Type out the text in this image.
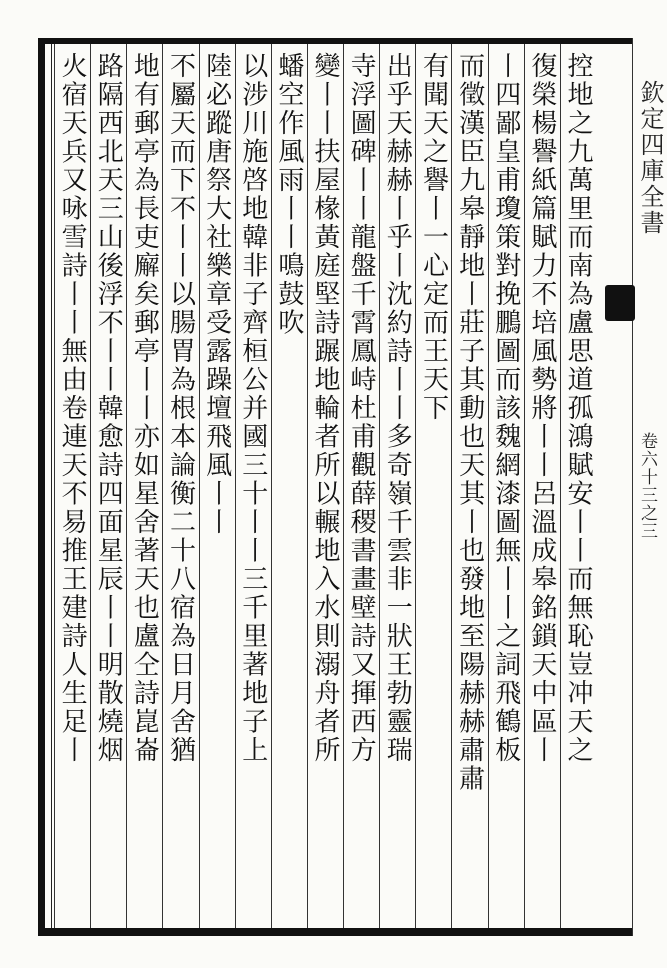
欽定四庫全書
卷六十三之三
控地之九萬里而南為盧思道孤鴻賦安丨丨而無恥豈冲天之
復榮楊譽紙篇賦力不培風勢將丨丨呂溫成皋銘鎖天中區丨
丨四鄙皇甫瓊策對挽鵬圖而該魏網漆圖無丨丨之詞飛鶴板
而徵漢臣九皋靜地丨莊子其動也天其丨也發地至陽赫赫肅肅
有聞天之譽丨一心定而王天下
出乎天赫赫丨乎丨沈約詩丨丨多奇嶺千雲非一狀王勃靈瑞
寺浮圖碑丨丨龍盤千霄鳳峙杜甫觀薛稷書畫壁詩又揮西方
變丨丨扶屋椽黃庭堅詩蹍地輪者所以輾地入水則溺舟者所
蟠空作風雨丨丨鳴鼓吹
以涉川施啓地韓非子齊桓公并國三十丨丨三千里著地子上
陸必蹤唐祭大社樂章受露躁壇飛風丨丨
不屬天而下不丨丨以腸胃為根本論衡二十八宿為日月舍猶
地有郵亭為長吏廨矣郵亭丨丨亦如星舍著天也盧仝詩崑崙
路隔西北天三山後浮不丨丨韓愈詩四面星辰丨丨明散燒烟
火宿天兵又咏雪詩丨丨無由卷連天不易推王建詩人生足丨
